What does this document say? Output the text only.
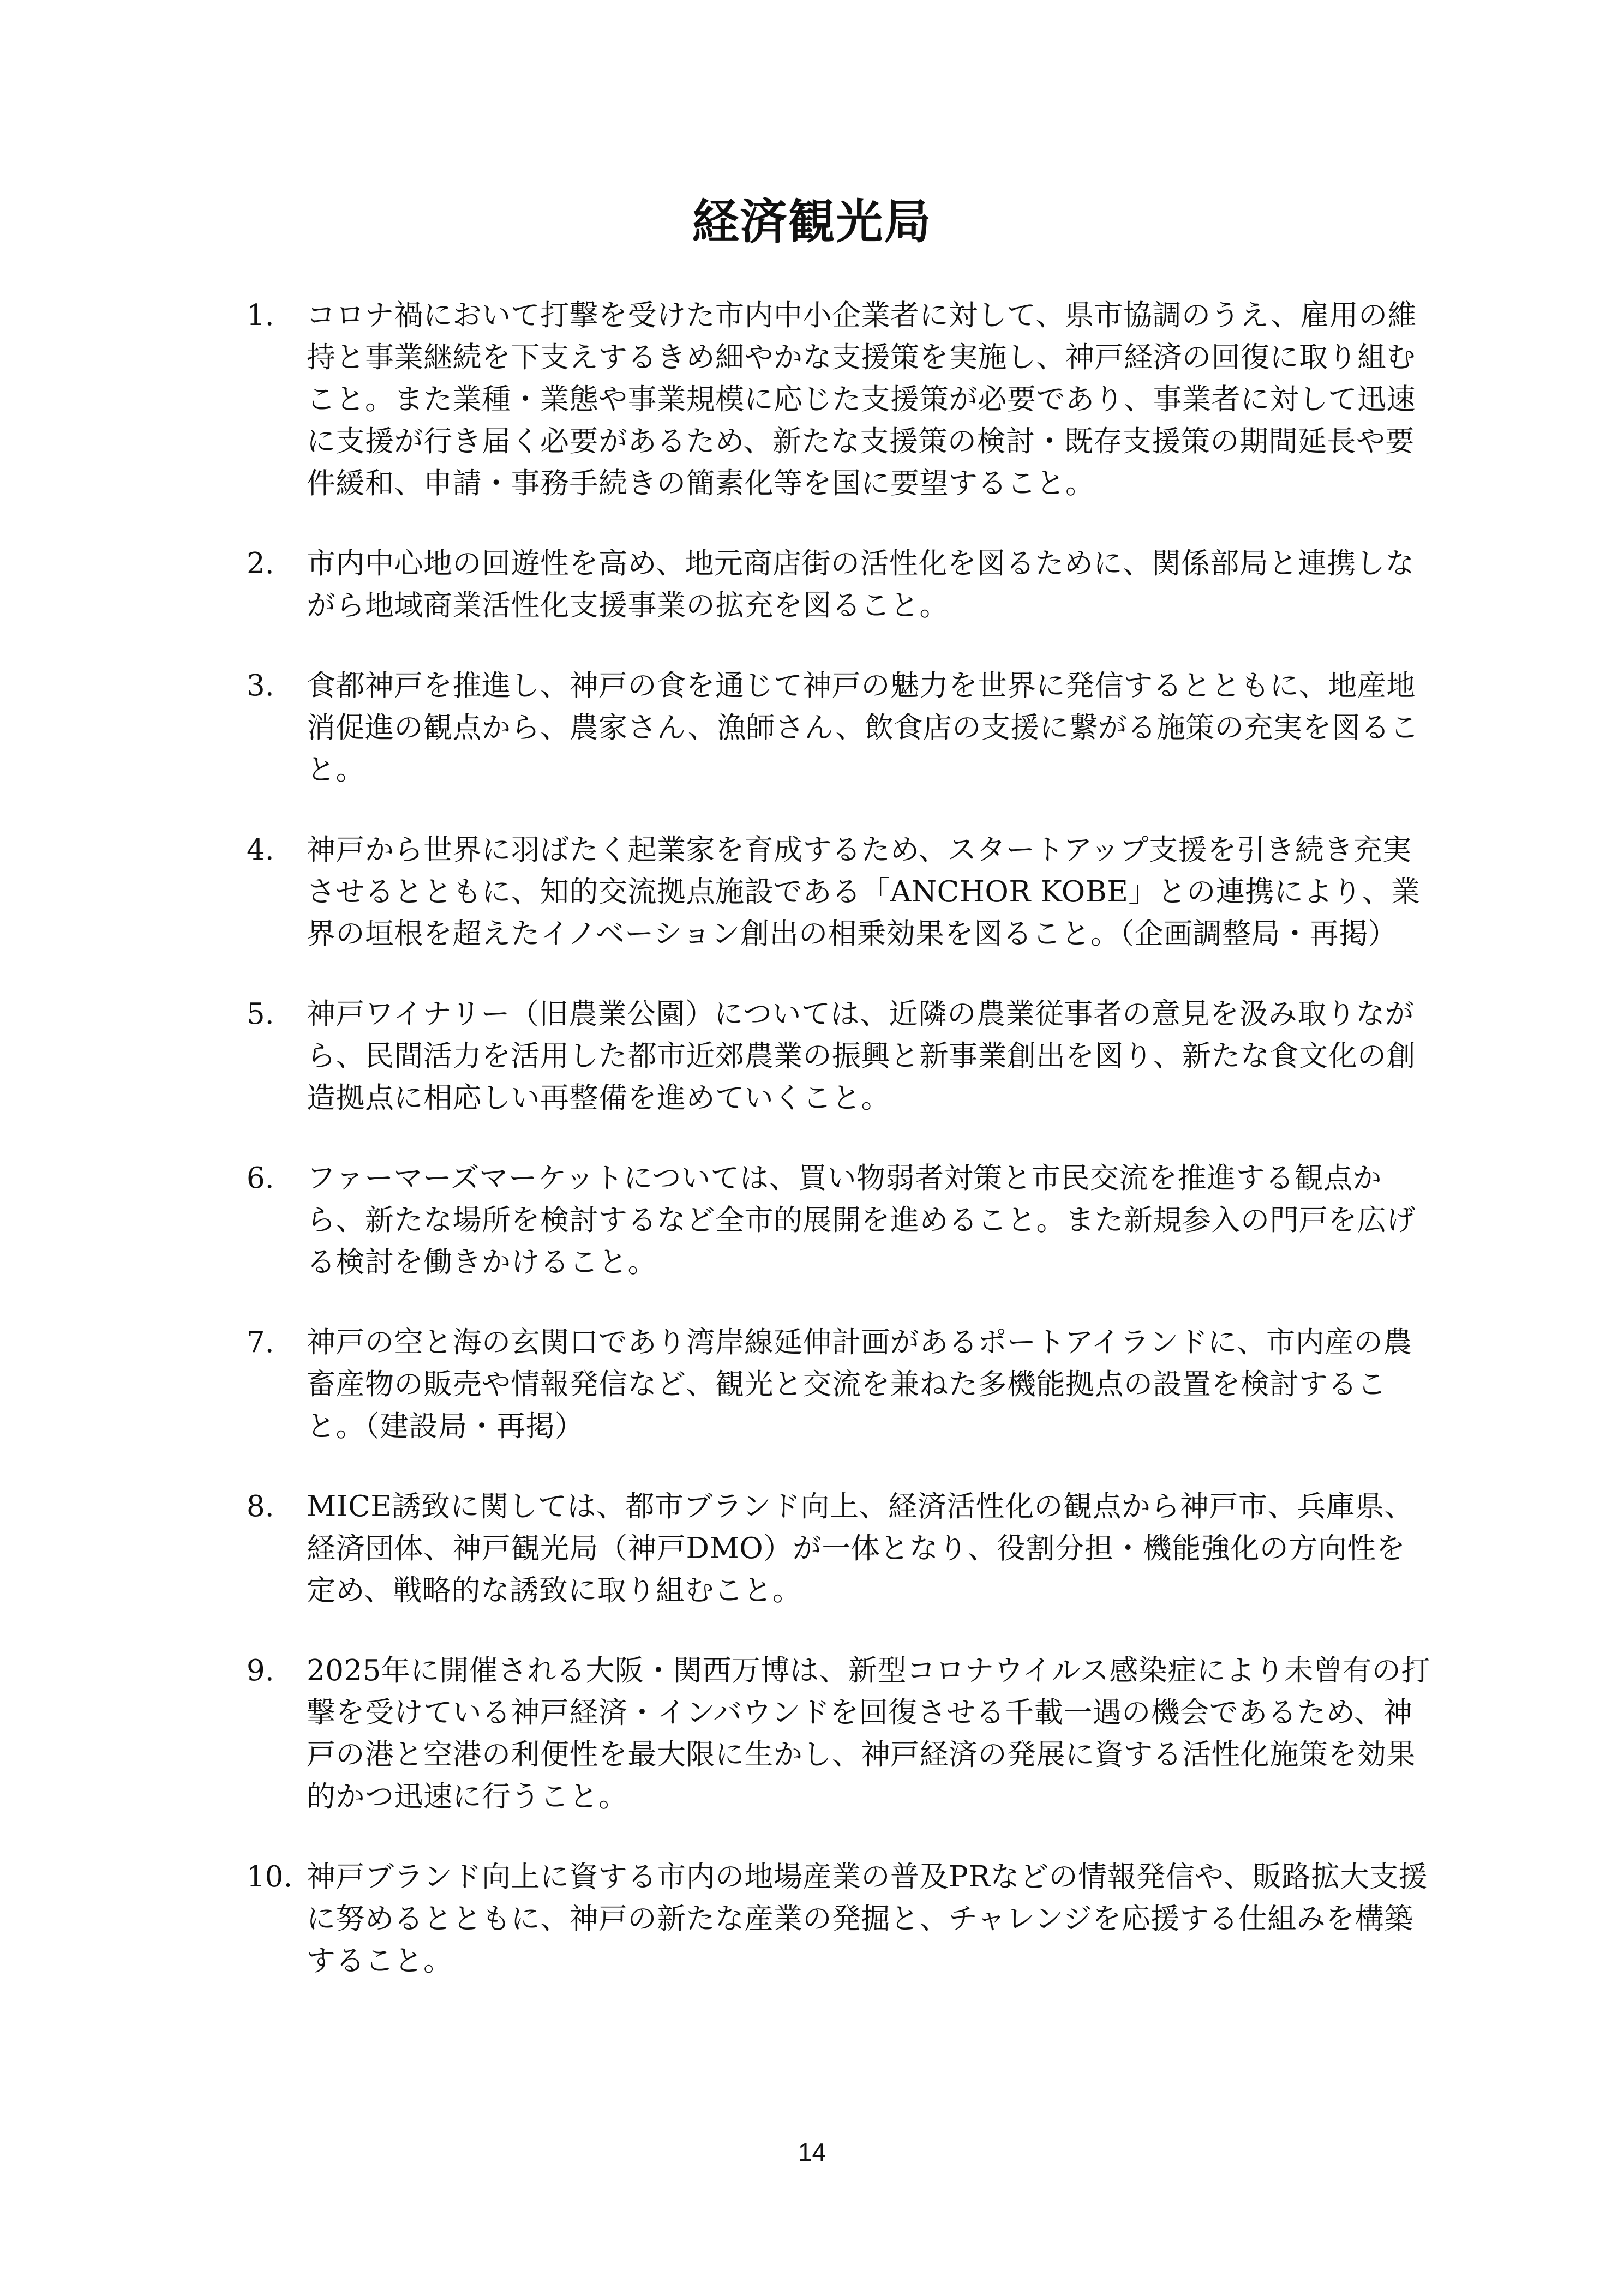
経済観光局
1.	コロナ禍において打撃を受けた市内中小企業者に対して、県市協調のうえ、雇用の維持と事業継続を下支えするきめ細やかな支援策を実施し、神戸経済の回復に取り組むこと。また業種・業態や事業規模に応じた支援策が必要であり、事業者に対して迅速に支援が行き届く必要があるため、新たな支援策の検討・既存支援策の期間延長や要件緩和、申請・事務手続きの簡素化等を国に要望すること。
2.	市内中心地の回遊性を高め、地元商店街の活性化を図るために、関係部局と連携しながら地域商業活性化支援事業の拡充を図ること。
3.	食都神戸を推進し、神戸の食を通じて神戸の魅力を世界に発信するとともに、地産地消促進の観点から、農家さん、漁師さん、飲食店の支援に繋がる施策の充実を図ること。
4.	神戸から世界に羽ばたく起業家を育成するため、スタートアップ支援を引き続き充実させるとともに、知的交流拠点施設である「ANCHOR KOBE」との連携により、業界の垣根を超えたイノベーション創出の相乗効果を図ること。（企画調整局・再掲）
5.	神戸ワイナリー（旧農業公園）については、近隣の農業従事者の意見を汲み取りながら、民間活力を活用した都市近郊農業の振興と新事業創出を図り、新たな食文化の創造拠点に相応しい再整備を進めていくこと。
6.	ファーマーズマーケットについては、買い物弱者対策と市民交流を推進する観点から、新たな場所を検討するなど全市的展開を進めること。また新規参入の門戸を広げる検討を働きかけること。
7.	神戸の空と海の玄関口であり湾岸線延伸計画があるポートアイランドに、市内産の農畜産物の販売や情報発信など、観光と交流を兼ねた多機能拠点の設置を検討すること。（建設局・再掲）
8.	MICE誘致に関しては、都市ブランド向上、経済活性化の観点から神戸市、兵庫県、経済団体、神戸観光局（神戸DMO）が一体となり、役割分担・機能強化の方向性を定め、戦略的な誘致に取り組むこと。
9.	2025年に開催される大阪・関西万博は、新型コロナウイルス感染症により未曾有の打撃を受けている神戸経済・インバウンドを回復させる千載一遇の機会であるため、神戸の港と空港の利便性を最大限に生かし、神戸経済の発展に資する活性化施策を効果的かつ迅速に行うこと。
10. 神戸ブランド向上に資する市内の地場産業の普及PRなどの情報発信や、販路拡大支援に努めるとともに、神戸の新たな産業の発掘と、チャレンジを応援する仕組みを構築すること。
14
